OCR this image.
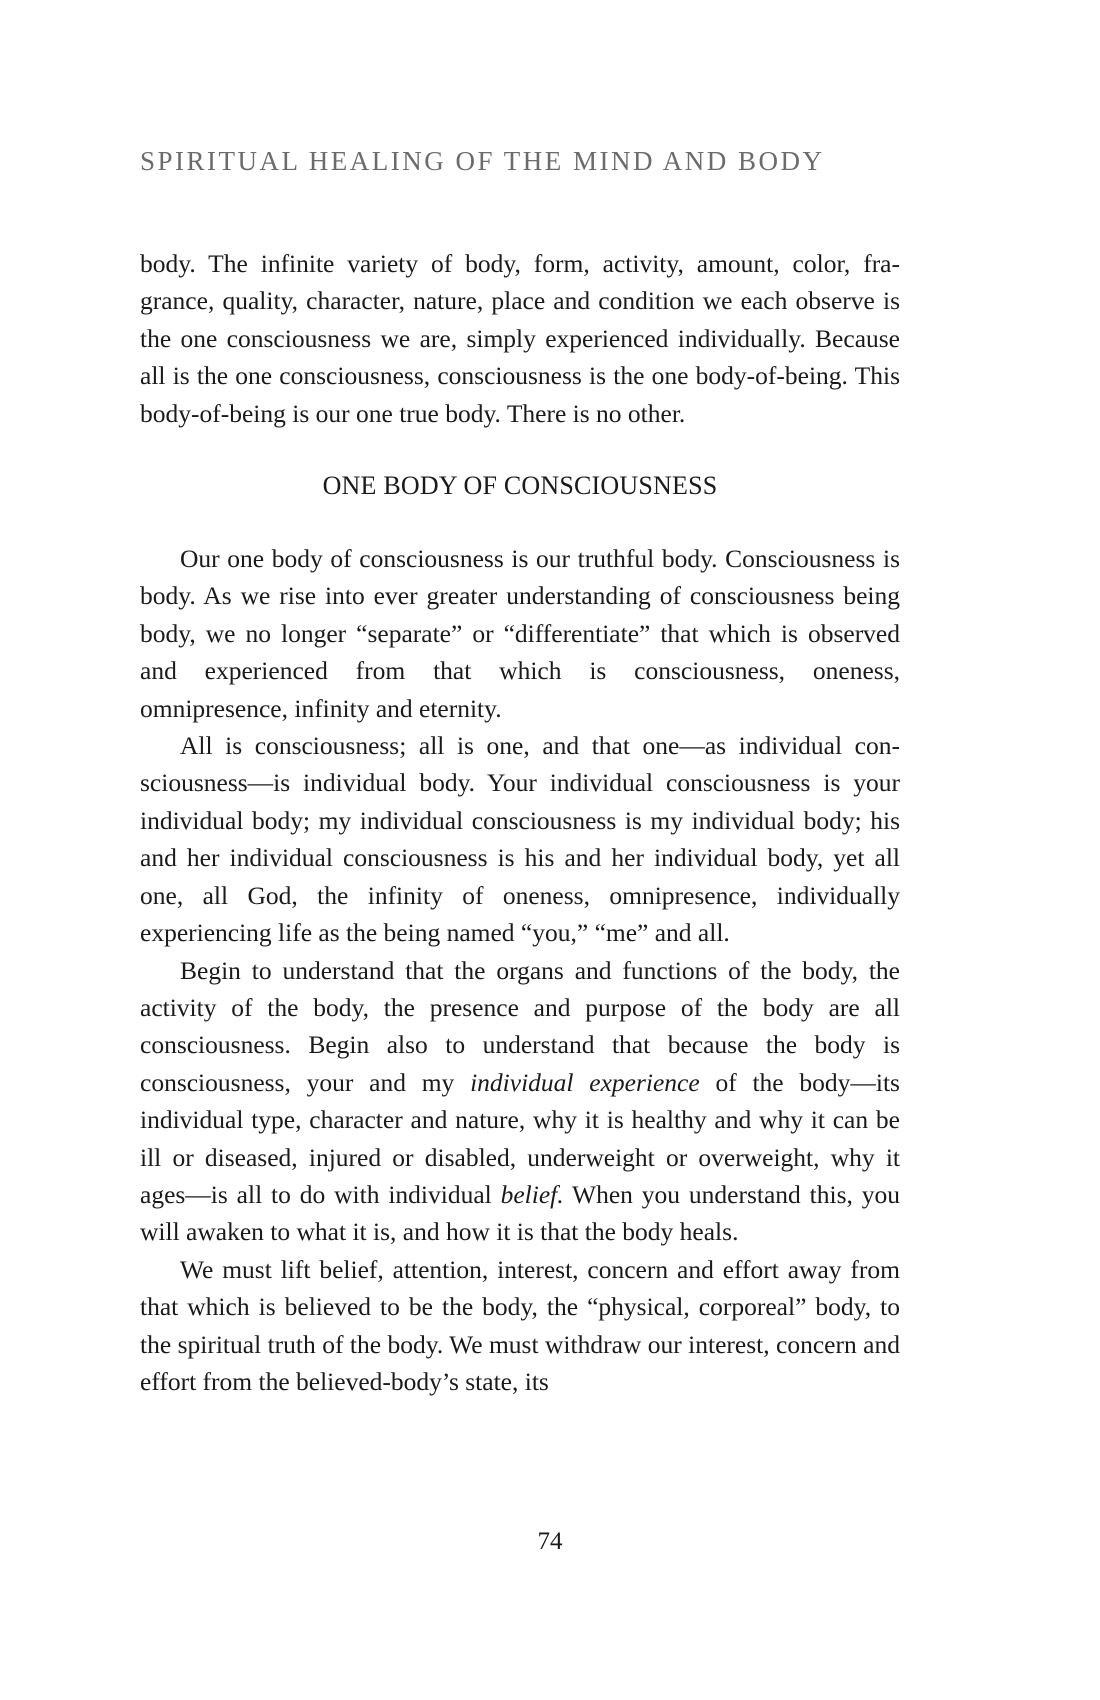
SPIRITUAL HEALING OF THE MIND AND BODY

body. The infinite variety of body, form, activity, amount, color, fragrance, quality, character, nature, place and condition we each observe is the one consciousness we are, simply experienced individually. Because all is the one consciousness, consciousness is the one body-of-being. This body-of-being is our one true body. There is no other.

ONE BODY OF CONSCIOUSNESS

Our one body of consciousness is our truthful body. Consciousness is body. As we rise into ever greater understanding of consciousness being body, we no longer “separate” or “differentiate” that which is observed and experienced from that which is consciousness, oneness, omnipresence, infinity and eternity.

All is consciousness; all is one, and that one—as individual consciousness—is individual body. Your individual consciousness is your individual body; my individual consciousness is my individual body; his and her individual consciousness is his and her individual body, yet all one, all God, the infinity of oneness, omnipresence, individually experiencing life as the being named “you,” “me” and all.

Begin to understand that the organs and functions of the body, the activity of the body, the presence and purpose of the body are all consciousness. Begin also to understand that because the body is consciousness, your and my individual experience of the body—its individual type, character and nature, why it is healthy and why it can be ill or diseased, injured or disabled, underweight or overweight, why it ages—is all to do with individual belief. When you understand this, you will awaken to what it is, and how it is that the body heals.

We must lift belief, attention, interest, concern and effort away from that which is believed to be the body, the “physical, corporeal” body, to the spiritual truth of the body. We must withdraw our interest, concern and effort from the believed-body’s state, its

74
